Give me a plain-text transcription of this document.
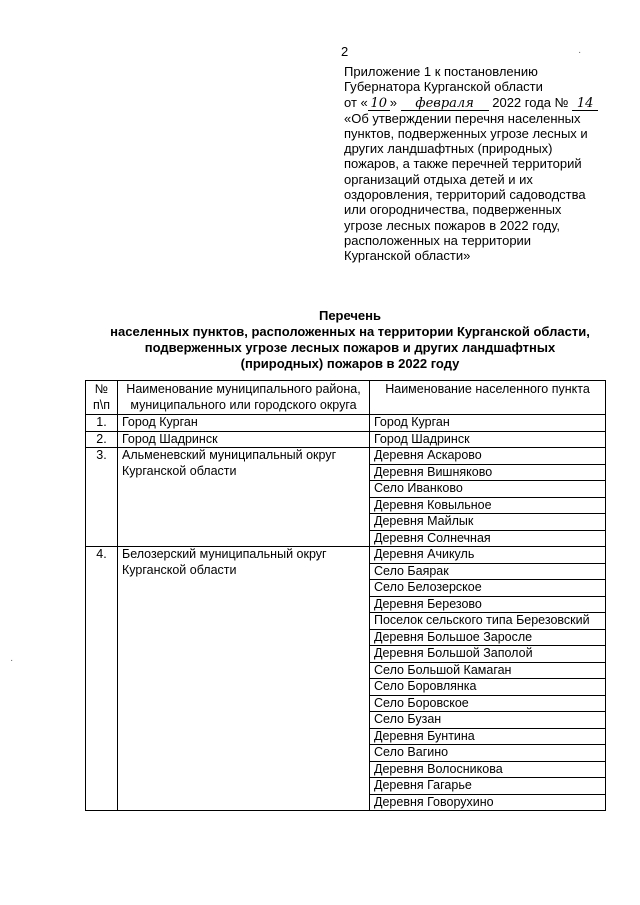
2
Приложение 1 к постановлению
Губернатора Курганской области
от « 10 » февраля 2022 года № 14
«Об утверждении перечня населенных
пунктов, подверженных угрозе лесных и
других ландшафтных (природных)
пожаров, а также перечней территорий
организаций отдыха детей и их
оздоровления, территорий садоводства
или огородничества, подверженных
угрозе лесных пожаров в 2022 году,
расположенных на территории
Курганской области»
Перечень
населенных пунктов, расположенных на территории Курганской области,
подверженных угрозе лесных пожаров и других ландшафтных
(природных) пожаров в 2022 году
№ п\п	Наименование муниципального района, муниципального или городского округа	Наименование населенного пункта
1.	Город Курган	Город Курган
2.	Город Шадринск	Город Шадринск
3.	Альменевский муниципальный округ Курганской области	Деревня Аскарово
		Деревня Вишняково
		Село Иванково
		Деревня Ковыльное
		Деревня Майлык
		Деревня Солнечная
4.	Белозерский муниципальный округ Курганской области	Деревня Ачикуль
		Село Баярак
		Село Белозерское
		Деревня Березово
		Поселок сельского типа Березовский
		Деревня Большое Заросле
		Деревня Большой Заполой
		Село Большой Камаган
		Село Боровлянка
		Село Боровское
		Село Бузан
		Деревня Бунтина
		Село Вагино
		Деревня Волосникова
		Деревня Гагарье
		Деревня Говорухино
·
·
